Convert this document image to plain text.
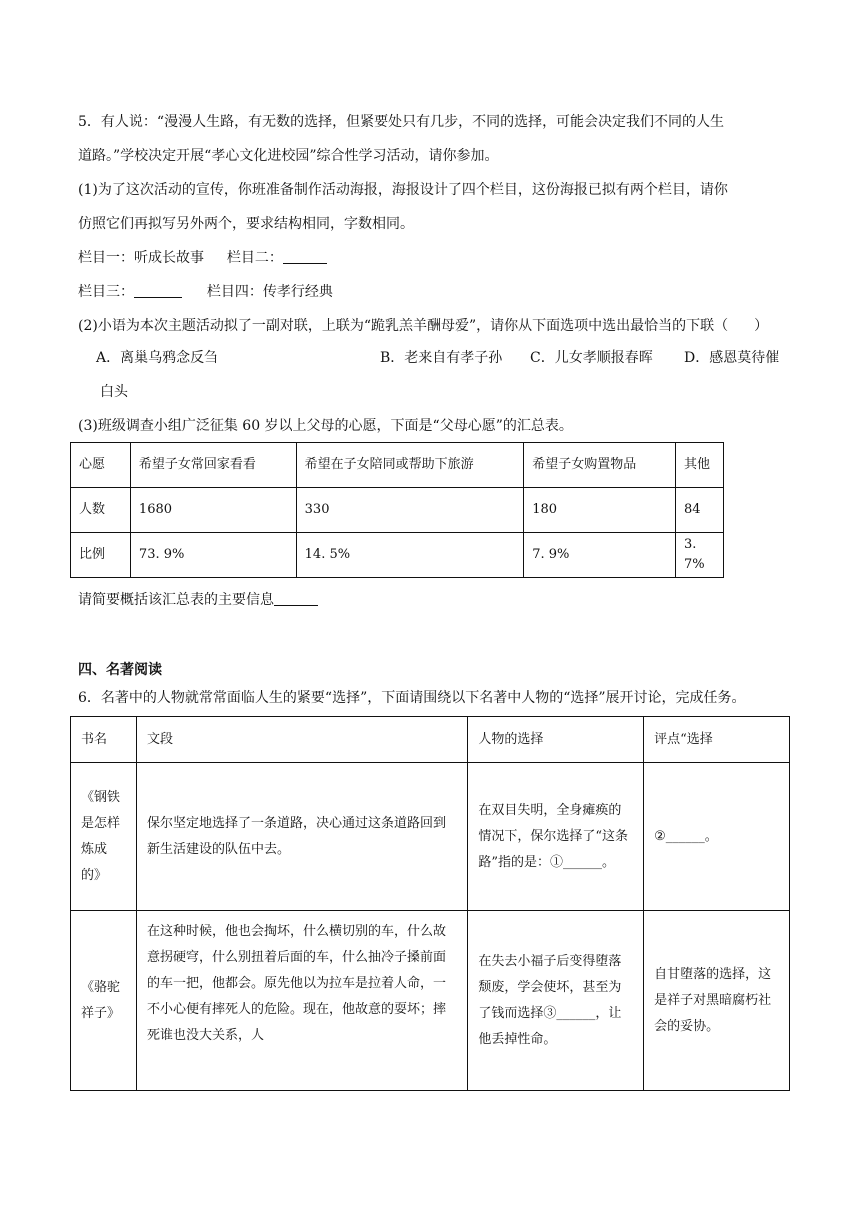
5．有人说：“漫漫人生路，有无数的选择，但紧要处只有几步，不同的选择，可能会决定我们不同的人生
道路。”学校决定开展“孝心文化进校园”综合性学习活动，请你参加。
(1)为了这次活动的宣传，你班准备制作活动海报，海报设计了四个栏目，这份海报已拟有两个栏目，请你
仿照它们再拟写另外两个，要求结构相同，字数相同。
栏目一：听成长故事 栏目二：
栏目三：	栏目四：传孝行经典
(2)小语为本次主题活动拟了一副对联，上联为“跪乳羔羊酬母爱”，请你从下面选项中选出最恰当的下联（ ）
A．离巢乌鸦念反刍	B．老来自有孝子孙 C．儿女孝顺报春晖 D．感恩莫待催
白头
(3)班级调查小组广泛征集 60 岁以上父母的心愿，下面是“父母心愿”的汇总表。
心愿	希望子女常回家看看	希望在子女陪同或帮助下旅游	希望子女购置物品	其他
人数	1680	330	180	84
比例	73. 9%	14. 5%	7. 9%	3. 7%
请简要概括该汇总表的主要信息
四、名著阅读
6．名著中的人物就常常面临人生的紧要“选择”，下面请围绕以下名著中人物的“选择”展开讨论，完成任务。
书名	文段	人物的选择	评点“选择
《钢铁是怎样炼成的》	保尔坚定地选择了一条道路，决心通过这条道路回到新生活建设的队伍中去。	在双目失明，全身瘫痪的情况下，保尔选择了“这条路”指的是：①______。	②______。
《骆驼祥子》	在这种时候，他也会掏坏，什么横切别的车，什么故意拐硬穹，什么别扭着后面的车，什么抽冷子搡前面的车一把，他都会。原先他以为拉车是拉着人命，一不小心便有摔死人的危险。现在，他故意的耍坏；摔死谁也没大关系，人	在失去小福子后变得堕落颓废，学会使坏，甚至为了钱而选择③______，让他丢掉性命。	自甘堕落的选择，这是祥子对黑暗腐朽社会的妥协。
